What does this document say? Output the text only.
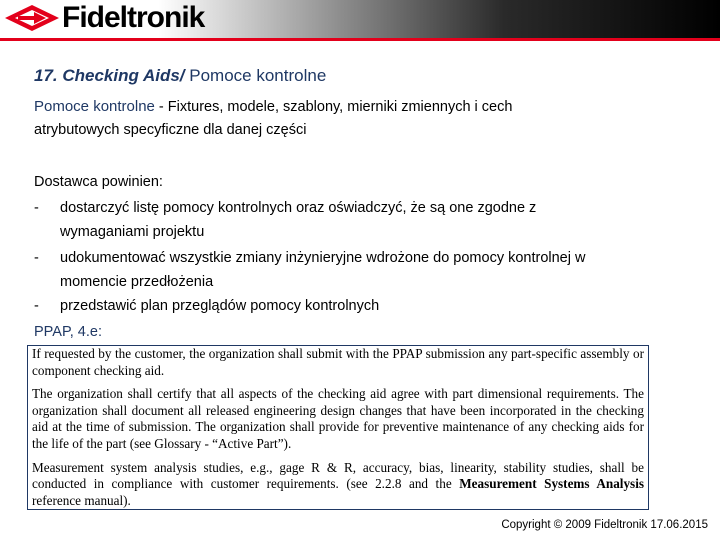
Fideltronik
17. Checking Aids/ Pomoce kontrolne
Pomoce kontrolne - Fixtures, modele, szablony, mierniki zmiennych i cech
atrybutowych specyficzne dla danej części
Dostawca powinien:
- dostarczyć listę pomocy kontrolnych oraz oświadczyć, że są one zgodne z
wymaganiami projektu
- udokumentować wszystkie zmiany inżynieryjne wdrożone do pomocy kontrolnej w
momencie przedłożenia
- przedstawić plan przeglądów pomocy kontrolnych
PPAP, 4.e:

If requested by the customer, the organization shall submit with the PPAP submission any part-specific assembly or component checking aid.

The organization shall certify that all aspects of the checking aid agree with part dimensional requirements. The organization shall document all released engineering design changes that have been incorporated in the checking aid at the time of submission. The organization shall provide for preventive maintenance of any checking aids for the life of the part (see Glossary - “Active Part”).

Measurement system analysis studies, e.g., gage R & R, accuracy, bias, linearity, stability studies, shall be conducted in compliance with customer requirements. (see 2.2.8 and the Measurement Systems Analysis reference manual).

Copyright © 2009 Fideltronik 17.06.2015
